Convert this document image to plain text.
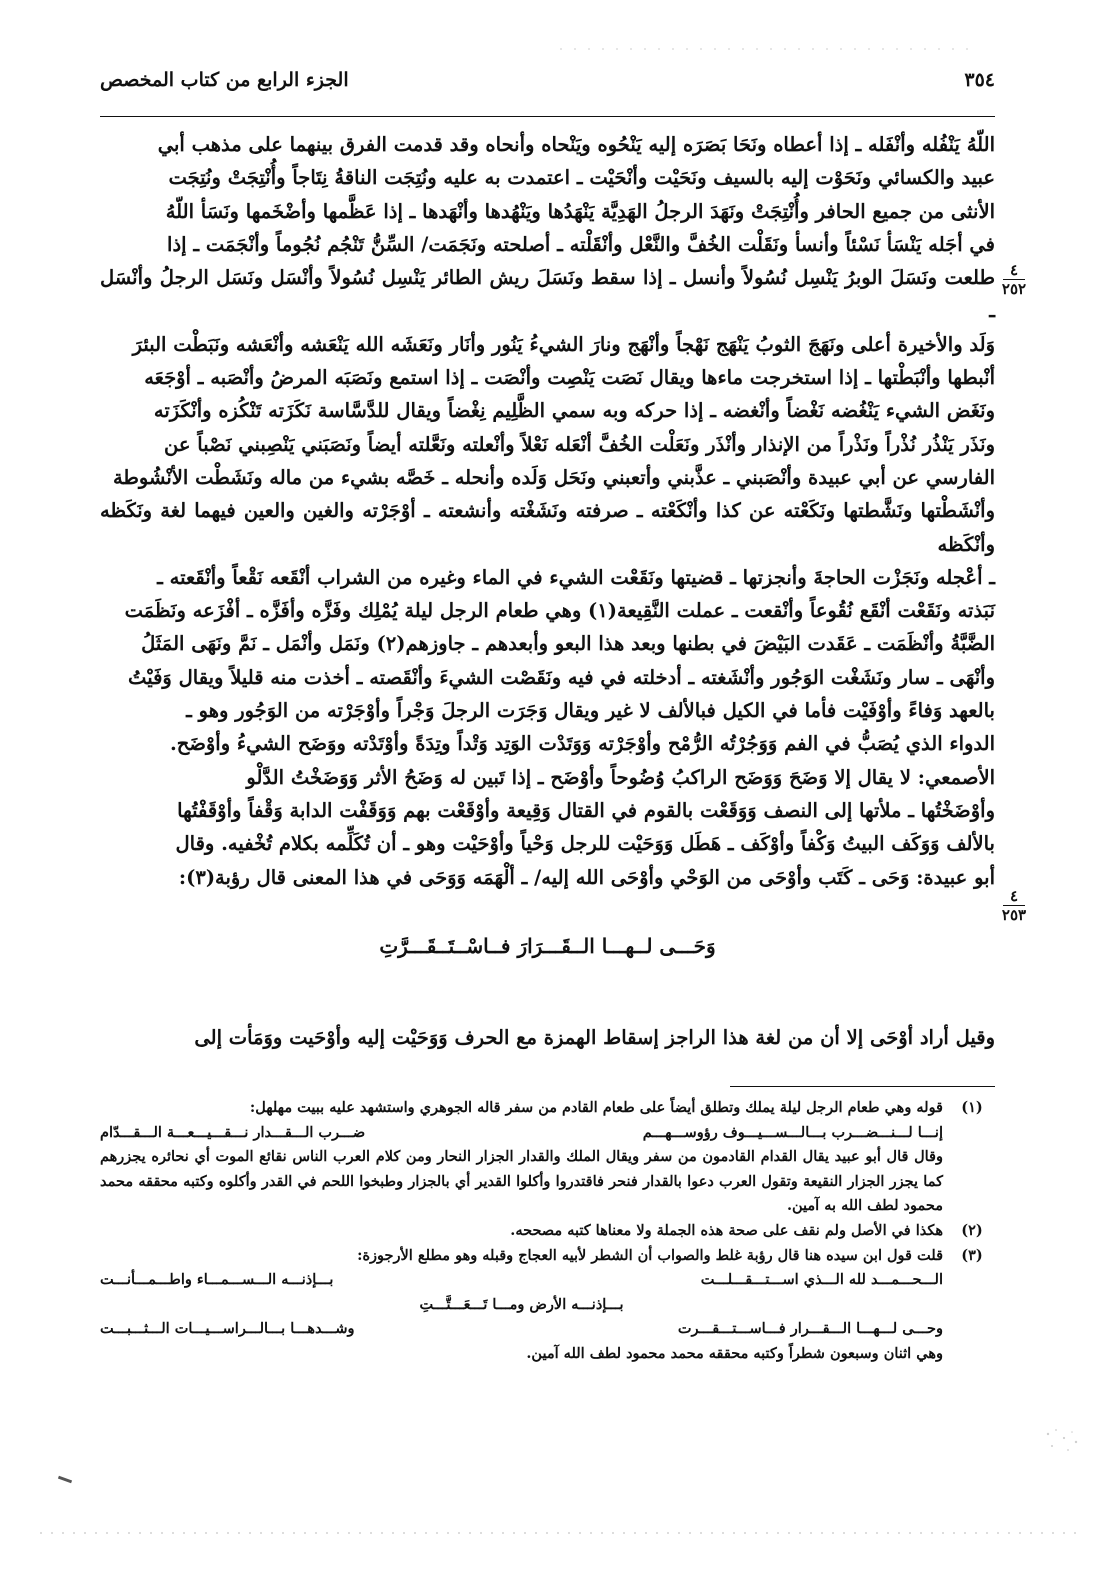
٣٥٤
الجزء الرابع من كتاب المخصص

اللّهُ يَنْفُله وأنْفَله ـ إذا أعطاه ونَحَا بَصَرَه إليه يَنْحُوه ويَنْحاه وأنحاه وقد قدمت الفرق بينهما على مذهب أبي

عبيد والكسائي ونَحَوْت إليه بالسيف ونَحَيْت وأنْحَيْت ـ اعتمدت به عليه ونُتِجَت الناقةُ نِتَاجاً وأُنْتِجَتْ ونُتِجَت

الأنثى من جميع الحافر وأُنْتِجَتْ ونَهَدَ الرجلُ الهَدِيَّة يَنْهَدُها ويَنْهُدها وأنْهَدها ـ إذا عَظَّمها وأضْخَمها ونَسَأ اللّهُ

في أجَله يَنْسَأ نَسْئاً وأنسأ ونَقَلْت الخُفَّ والنَّعْل وأنْقَلْته ـ أصلحته ونَجَمَت/ السِّنُّ تَنْجُم نُجُوماً وأنْجَمَت ـ إذا

طلعت ونَسَلَ الوبرُ يَنْسِل نُسُولاً وأنسل ـ إذا سقط ونَسَلَ ريش الطائر يَنْسِل نُسُولاً وأنْسَل ونَسَل الرجلُ وأنْسَل ـ

وَلَد والأخيرة أعلى ونَهَجَ الثوبُ يَنْهَج نَهْجاً وأنْهَج ونارَ الشيءُ يَنُور وأنَار ونَعَشَه الله يَنْعَشه وأنْعَشه ونَبَطْت البئرَ

أنْبطها وأنْبَطْتها ـ إذا استخرجت ماءها ويقال نَصَت يَنْصِت وأنْصَت ـ إذا استمع ونَصَبَه المرضُ وأنْصَبه ـ أوْجَعَه

ونَغَض الشيء يَنْغُضه نَغْضاً وأنْغضه ـ إذا حركه وبه سمي الظَّلِيم نِغْضاً ويقال للدَّسَّاسة نَكَزَته تَنْكُزه وأنْكَزَته

ونَذَر يَنْذُر نُذْراً ونَذْراً من الإنذار وأنْذَر ونَعَلْت الخُفَّ أنْعَله نَعْلاً وأنْعلته ونَعَّلته أيضاً ونَصَبَني يَنْصِبني نَصْباً عن

الفارسي عن أبي عبيدة وأنْصَبني ـ عذَّبني وأتعبني ونَحَل وَلَده وأنحله ـ خَصَّه بشيء من ماله ونَشَطْت الأنْشُوطة

وأنْشَطْتها ونَشَّطتها ونَكَعْته عن كذا وأنْكَعْته ـ صرفته ونَشَغْته وأنشعته ـ أوْجَرْته والغين والعين فيهما لغة ونَكَظه وأنْكَظه

ـ أعْجله ونَجَزْت الحاجةَ وأنجزتها ـ قضيتها ونَقَعْت الشيء في الماء وغيره من الشراب أنْقَعه نَقْعاً وأنْقَعته ـ

نَبَذته ونَقَعْت أنْقَع نُقُوعاً وأنْقعت ـ عملت النَّقِيعة(١) وهي طعام الرجل ليلة يُمْلِك وفَزَّه وأفَزَّه ـ أفْزَعه ونَظَمَت

الضَّبَّةُ وأنْظَمَت ـ عَقَدت البَيْضَ في بطنها وبعد هذا البعو وأبعدهم ـ جاوزهم(٢) ونَمَل وأنْمَل ـ نَمَّ ونَهَى المَثَلُ

وأنْهَى ـ سار ونَشَغْت الوَجُور وأنْشَغته ـ أدخلته في فيه ونَقَصْت الشيءَ وأنْقَصته ـ أخذت منه قليلاً ويقال وَفَيْتُ

بالعهد وَفاءً وأوْفَيْت فأما في الكيل فبالألف لا غير ويقال وَجَرَت الرجلَ وَجْراً وأوْجَرْته من الوَجُور وهو ـ

الدواء الذي يُصَبُّ في الفم وَوَجُرْتُه الرُّمْح وأوْجَرْته وَوَتَدْت الوَتِد وَتْداً وتِدَةً وأوْتَدْته ووَضَح الشيءُ وأوْضَح.

الأصمعي: لا يقال إلا وَضَحَ وَوَضَح الراكبُ وُضُوحاً وأوْضَح ـ إذا تَبين له وَضَحُ الأثر وَوَضَخْتُ الدَّلْو

وأوْضَخْتُها ـ ملأتها إلى النصف وَوَقَعْت بالقوم في القتال وَقِيعة وأوْقَعْت بهم وَوَقَفْت الدابة وَقْفاً وأوْقَفْتُها

بالألف وَوَكَف البيتُ وَكْفاً وأوْكَف ـ هَطَل وَوَحَيْت للرجل وَحْياً وأوْحَيْت وهو ـ أن تُكَلِّمه بكلام تُخْفيه. وقال

أبو عبيدة: وَحَى ـ كَتَب وأوْحَى من الوَحْي وأوْحَى الله إليه/ ـ ألْهَمَه وَوَحَى في هذا المعنى قال رؤبة(٣):

٤
٢٥٢
٤
٢٥٣
وَحَـــى لــهـــا الــقَـــرَارَ فــاسْــتَــقَـــرَّتِ
وقيل أراد أوْحَى إلا أن من لغة هذا الراجز إسقاط الهمزة مع الحرف وَوَحَيْت إليه وأوْحَيت ووَمَأت إلى
(١)

قوله وهي طعام الرجل ليلة يملك وتطلق أيضاً على طعام القادم من سفر قاله الجوهري واستشهد عليه ببيت مهلهل:

إنـــا لـــنـــضـــرب بـــالـــســـيـــوف رؤوســـهـــم
ضـــرب الـــقـــدار نـــقـــيـــعـــة الـــقـــدّام

وقال قال أبو عبيد يقال القدام القادمون من سفر ويقال الملك والقدار الجزار النحار ومن كلام العرب الناس نقائع الموت أي نحائره يجزرهم كما يجزر الجزار النقيعة وتقول العرب دعوا بالقدار فنحر فاقتدروا وأكلوا القدير أي بالجزار وطبخوا اللحم في القدر وأكلوه وكتبه محققه محمد محمود لطف الله به آمين.

(٢)

هكذا في الأصل ولم نقف على صحة هذه الجملة ولا معناها كتبه مصححه.

(٣)

قلت قول ابن سيده هنا قال رؤبة غلط والصواب أن الشطر لأبيه العجاج وقبله وهو مطلع الأرجوزة:

الـــحـــمـــد لله الـــذي اســـتـــقـــلـــت
بـــإذنـــه الـــســـمـــاء واطـــمـــأنـــت
بـــإذنـــه الأرض ومـــا تَـــعَـــتَّـــتِ
وحـــى لـــهـــا الـــقـــرار فـــاســـتـــقـــرت
وشـــدهـــا بـــالـــراســـيـــات الـــثـــبـــت

وهي اثنان وسبعون شطراً وكتبه محققه محمد محمود لطف الله آمين.
